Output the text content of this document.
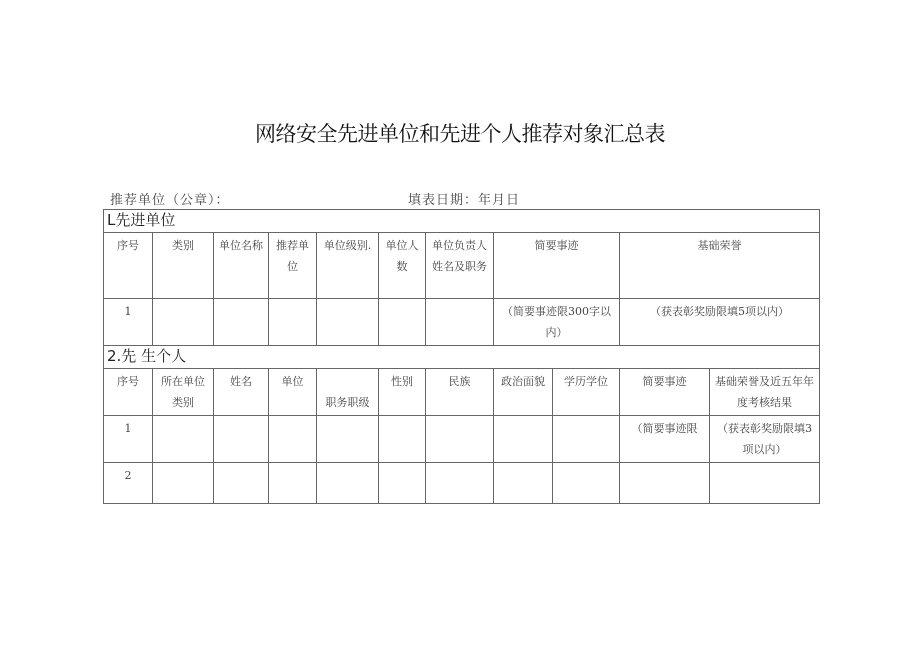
网络安全先进单位和先进个人推荐对象汇总表
推荐单位（公章）：	填表日期：年月日
L先进单位										
序号	类别	单位名称	推荐单位	单位级别.	单位人数	单位负责人姓名及职务	简要事迹		基础荣誉	
1							（简要事迹限300字以内）		（获表彰奖励限填5项以内）	
2.先 生个人										
序号	所在单位类别	姓名	单位	职务职级	性别	民族	政治面貌	学历学位	简要事迹	基础荣誉及近五年年度考核结果
1									（简要事迹限	（获表彰奖励限填3项以内）
2										
